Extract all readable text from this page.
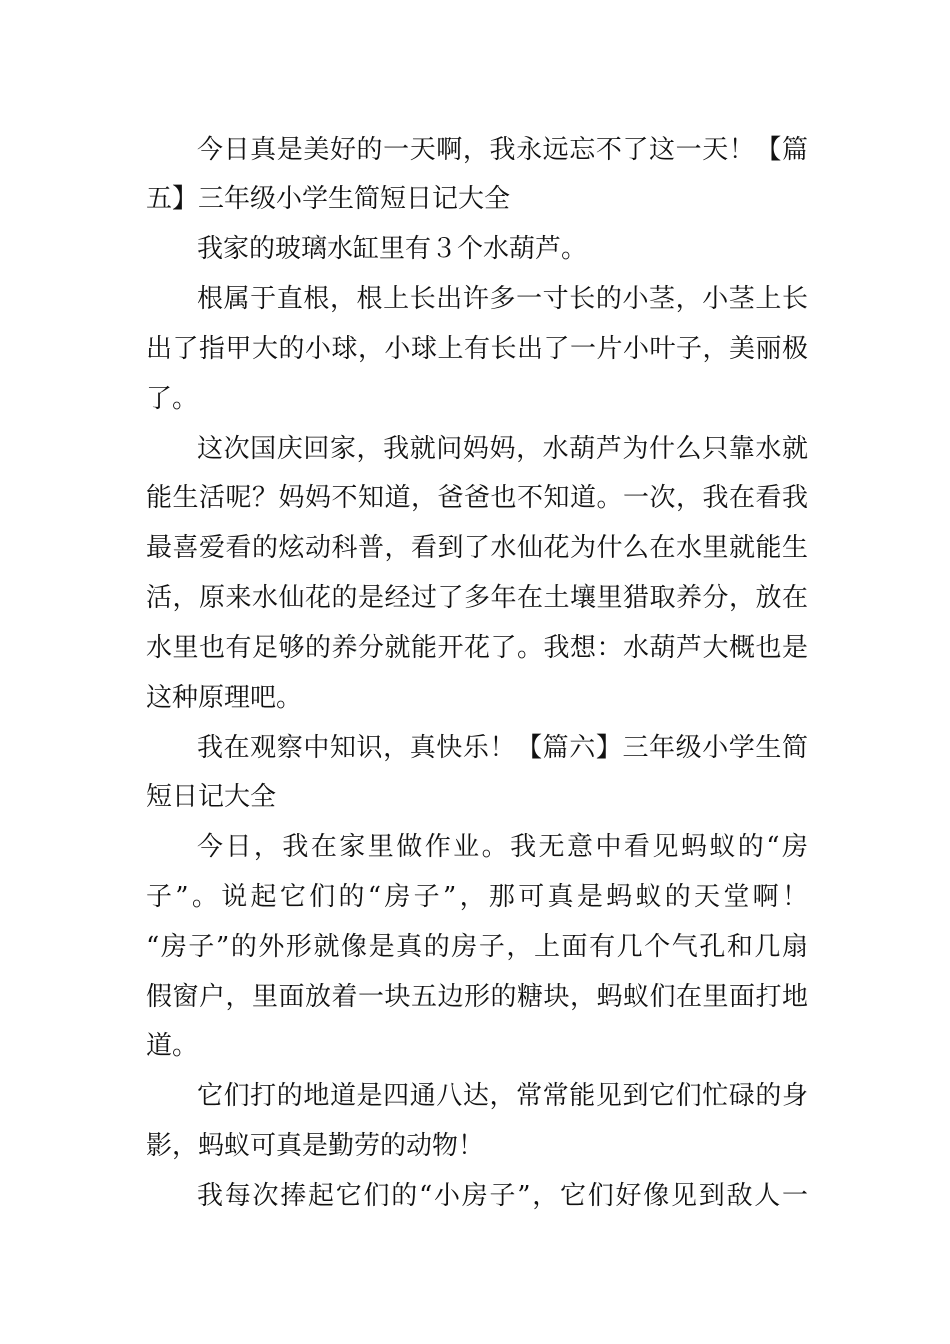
今日真是美好的一天啊，我永远忘不了这一天！【篇

五】三年级小学生简短日记大全

我家的玻璃水缸里有３个水葫芦。

根属于直根，根上长出许多一寸长的小茎，小茎上长

出了指甲大的小球，小球上有长出了一片小叶子，美丽极

了。

这次国庆回家，我就问妈妈，水葫芦为什么只靠水就

能生活呢？妈妈不知道，爸爸也不知道。一次，我在看我

最喜爱看的炫动科普，看到了水仙花为什么在水里就能生

活，原来水仙花的是经过了多年在土壤里猎取养分，放在

水里也有足够的养分就能开花了。我想：水葫芦大概也是

这种原理吧。

我在观察中知识，真快乐！【篇六】三年级小学生简

短日记大全

今日，我在家里做作业。我无意中看见蚂蚁的“房

子”。说起它们的“房子”，那可真是蚂蚁的天堂啊！

“房子”的外形就像是真的房子，上面有几个气孔和几扇

假窗户，里面放着一块五边形的糖块，蚂蚁们在里面打地

道。

它们打的地道是四通八达，常常能见到它们忙碌的身

影，蚂蚁可真是勤劳的动物！

我每次捧起它们的“小房子”，它们好像见到敌人一
